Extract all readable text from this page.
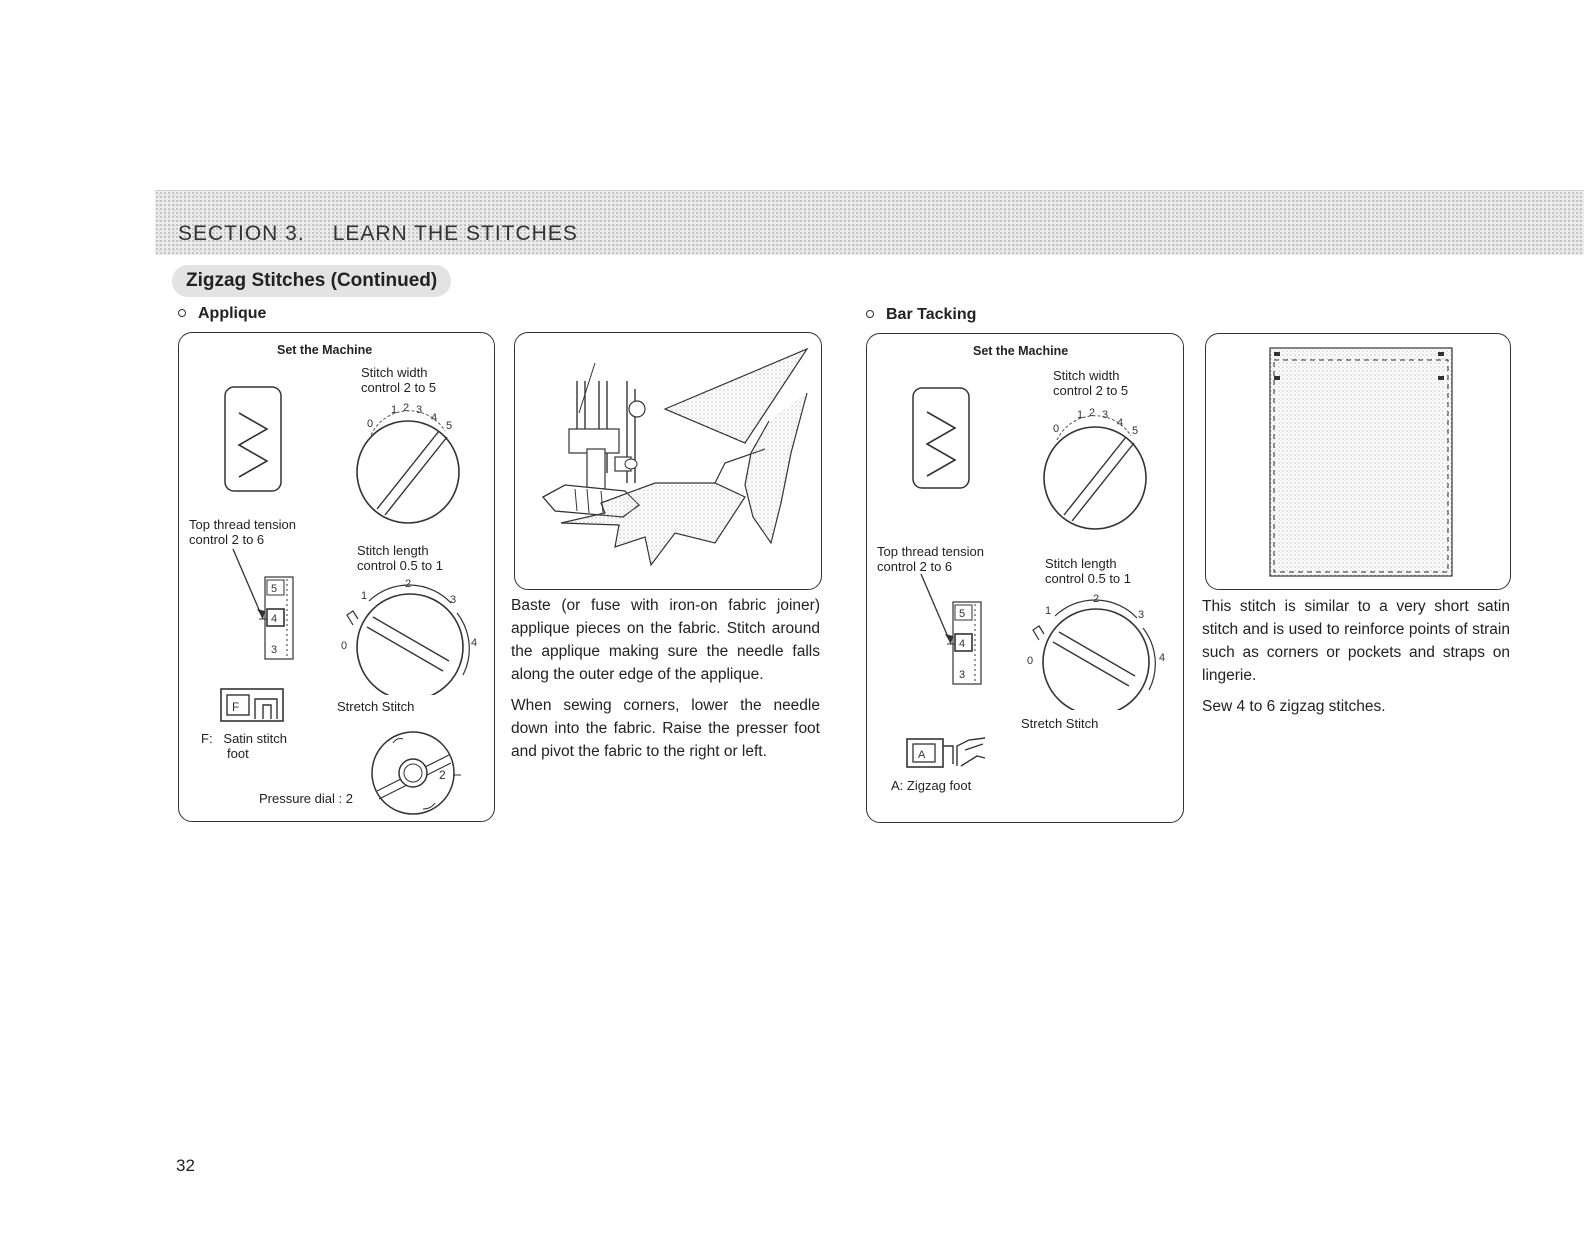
SECTION 3. LEARN THE STITCHES
Zigzag Stitches (Continued)
Applique
Set the Machine
Stitch width
control 2 to 5
0
1 2 3
4
5
Top thread tension
control 2 to 6
5
4
3
Stitch length
control 0.5 to 1
1
2
3
0	4
Stretch Stitch
F
F: Satin stitch
foot
2
Pressure dial : 2

Baste (or fuse with iron-on fabric joiner) applique pieces on the fabric. Stitch around the applique making sure the needle falls along the outer edge of the applique.

When sewing corners, lower the needle down into the fabric. Raise the presser foot and pivot the fabric to the right or left.

Bar Tacking
Set the Machine
Stitch width
control 2 to 5
0
1 2 3
4
5
Top thread tension
control 2 to 6
5
4
3
Stitch length
control 0.5 to 1
1
2
3
0	4
Stretch Stitch
A
A: Zigzag foot

This stitch is similar to a very short satin stitch and is used to reinforce points of strain such as corners or pockets and straps on lingerie.

Sew 4 to 6 zigzag stitches.

32
